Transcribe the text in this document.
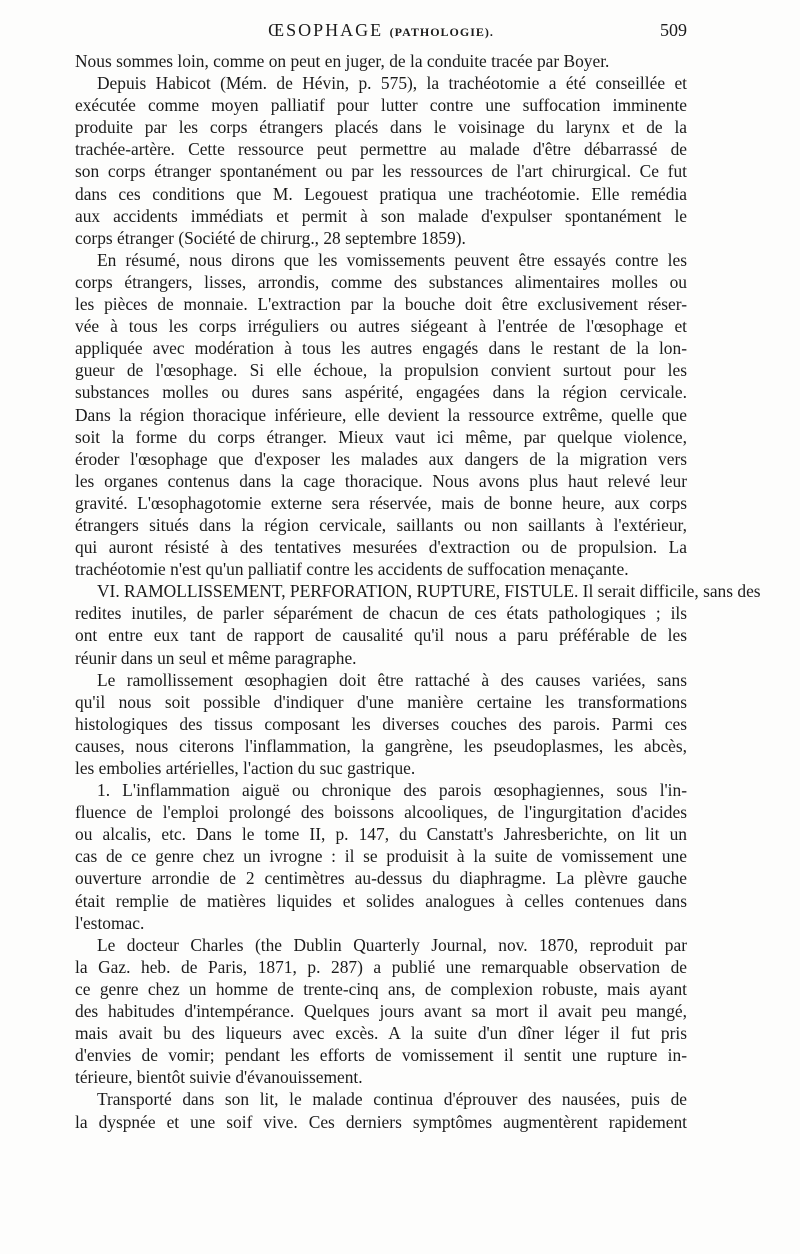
ŒSOPHAGE (PATHOLOGIE).	509
Nous sommes loin, comme on peut en juger, de la conduite tracée par Boyer.
Depuis Habicot (Mém. de Hévin, p. 575), la trachéotomie a été conseillée et
exécutée comme moyen palliatif pour lutter contre une suffocation imminente
produite par les corps étrangers placés dans le voisinage du larynx et de la
trachée-artère. Cette ressource peut permettre au malade d'être débarrassé de
son corps étranger spontanément ou par les ressources de l'art chirurgical. Ce fut
dans ces conditions que M. Legouest pratiqua une trachéotomie. Elle remédia
aux accidents immédiats et permit à son malade d'expulser spontanément le
corps étranger (Société de chirurg., 28 septembre 1859).
En résumé, nous dirons que les vomissements peuvent être essayés contre les
corps étrangers, lisses, arrondis, comme des substances alimentaires molles ou
les pièces de monnaie. L'extraction par la bouche doit être exclusivement réser-
vée à tous les corps irréguliers ou autres siégeant à l'entrée de l'œsophage et
appliquée avec modération à tous les autres engagés dans le restant de la lon-
gueur de l'œsophage. Si elle échoue, la propulsion convient surtout pour les
substances molles ou dures sans aspérité, engagées dans la région cervicale.
Dans la région thoracique inférieure, elle devient la ressource extrême, quelle que
soit la forme du corps étranger. Mieux vaut ici même, par quelque violence,
éroder l'œsophage que d'exposer les malades aux dangers de la migration vers
les organes contenus dans la cage thoracique. Nous avons plus haut relevé leur
gravité. L'œsophagotomie externe sera réservée, mais de bonne heure, aux corps
étrangers situés dans la région cervicale, saillants ou non saillants à l'extérieur,
qui auront résisté à des tentatives mesurées d'extraction ou de propulsion. La
trachéotomie n'est qu'un palliatif contre les accidents de suffocation menaçante.
VI. RAMOLLISSEMENT, PERFORATION, RUPTURE, FISTULE. Il serait difficile, sans des
redites inutiles, de parler séparément de chacun de ces états pathologiques ; ils
ont entre eux tant de rapport de causalité qu'il nous a paru préférable de les
réunir dans un seul et même paragraphe.
Le ramollissement œsophagien doit être rattaché à des causes variées, sans
qu'il nous soit possible d'indiquer d'une manière certaine les transformations
histologiques des tissus composant les diverses couches des parois. Parmi ces
causes, nous citerons l'inflammation, la gangrène, les pseudoplasmes, les abcès,
les embolies artérielles, l'action du suc gastrique.
1. L'inflammation aiguë ou chronique des parois œsophagiennes, sous l'in-
fluence de l'emploi prolongé des boissons alcooliques, de l'ingurgitation d'acides
ou alcalis, etc. Dans le tome II, p. 147, du Canstatt's Jahresberichte, on lit un
cas de ce genre chez un ivrogne : il se produisit à la suite de vomissement une
ouverture arrondie de 2 centimètres au-dessus du diaphragme. La plèvre gauche
était remplie de matières liquides et solides analogues à celles contenues dans
l'estomac.
Le docteur Charles (the Dublin Quarterly Journal, nov. 1870, reproduit par
la Gaz. heb. de Paris, 1871, p. 287) a publié une remarquable observation de
ce genre chez un homme de trente-cinq ans, de complexion robuste, mais ayant
des habitudes d'intempérance. Quelques jours avant sa mort il avait peu mangé,
mais avait bu des liqueurs avec excès. A la suite d'un dîner léger il fut pris
d'envies de vomir; pendant les efforts de vomissement il sentit une rupture in-
térieure, bientôt suivie d'évanouissement.
Transporté dans son lit, le malade continua d'éprouver des nausées, puis de
la dyspnée et une soif vive. Ces derniers symptômes augmentèrent rapidement
